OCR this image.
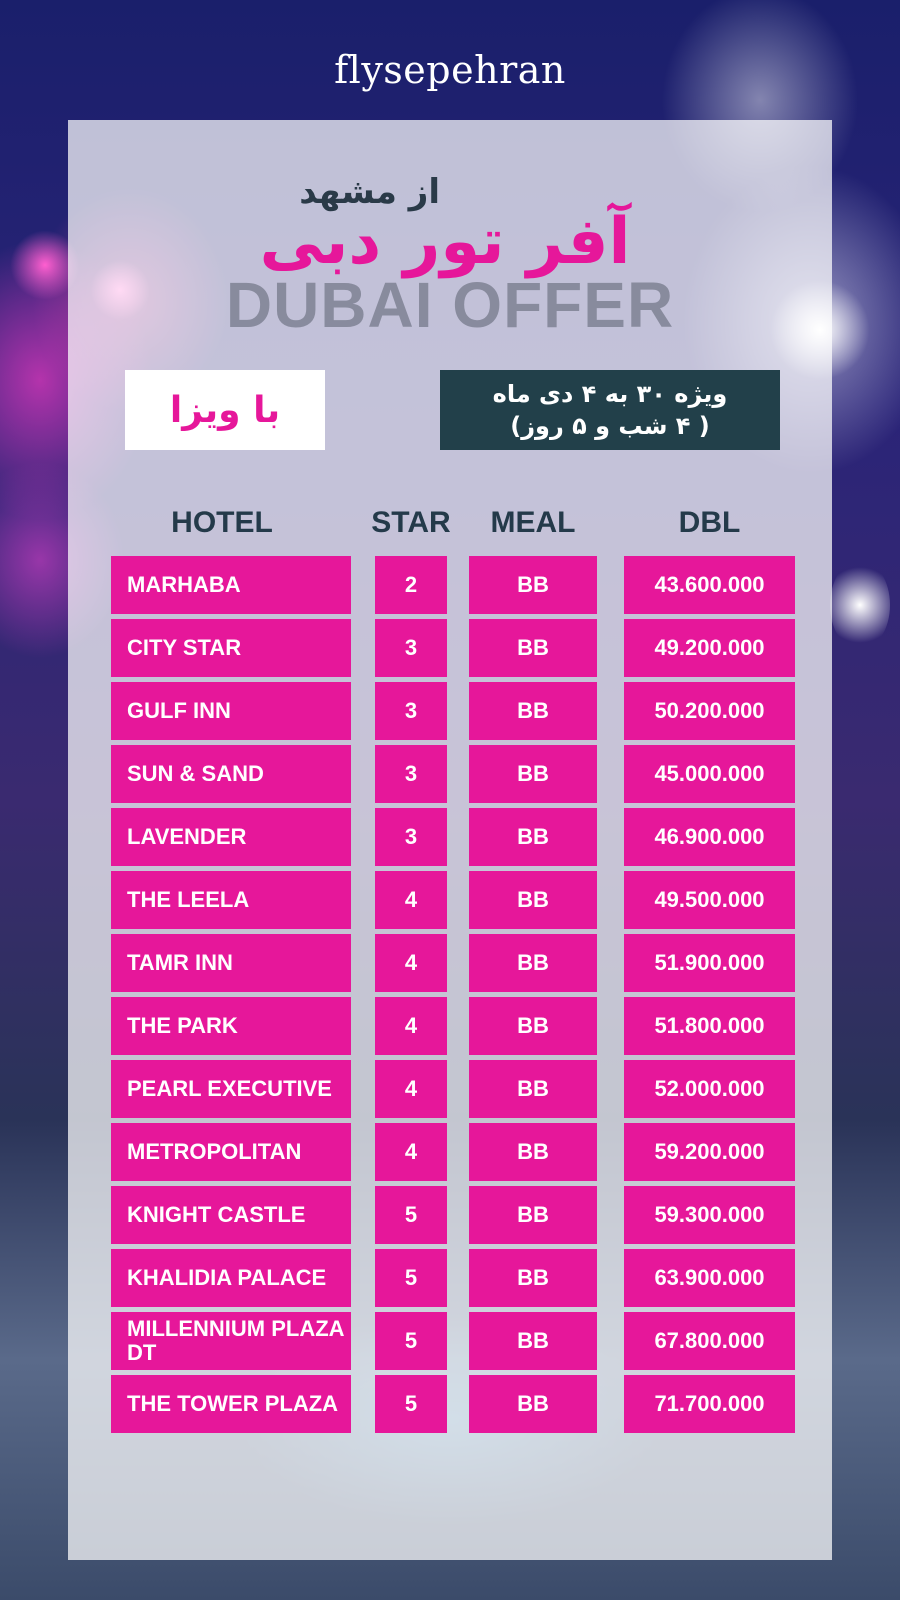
flysepehran
از مشهد
DUBAI OFFER
آفر تور دبی
با ویزا	ویژه ۳۰ به ۴ دی ماه
( ۴ شب و ۵ روز)
HOTEL	STAR	MEAL	DBL
MARHABA	2	BB	43.600.000
CITY STAR	3	BB	49.200.000
GULF INN	3	BB	50.200.000
SUN & SAND	3	BB	45.000.000
LAVENDER	3	BB	46.900.000
THE LEELA	4	BB	49.500.000
TAMR INN	4	BB	51.900.000
THE PARK	4	BB	51.800.000
PEARL EXECUTIVE	4	BB	52.000.000
METROPOLITAN	4	BB	59.200.000
KNIGHT CASTLE	5	BB	59.300.000
KHALIDIA PALACE	5	BB	63.900.000
MILLENNIUM PLAZA DT	5	BB	67.800.000
THE TOWER PLAZA	5	BB	71.700.000
